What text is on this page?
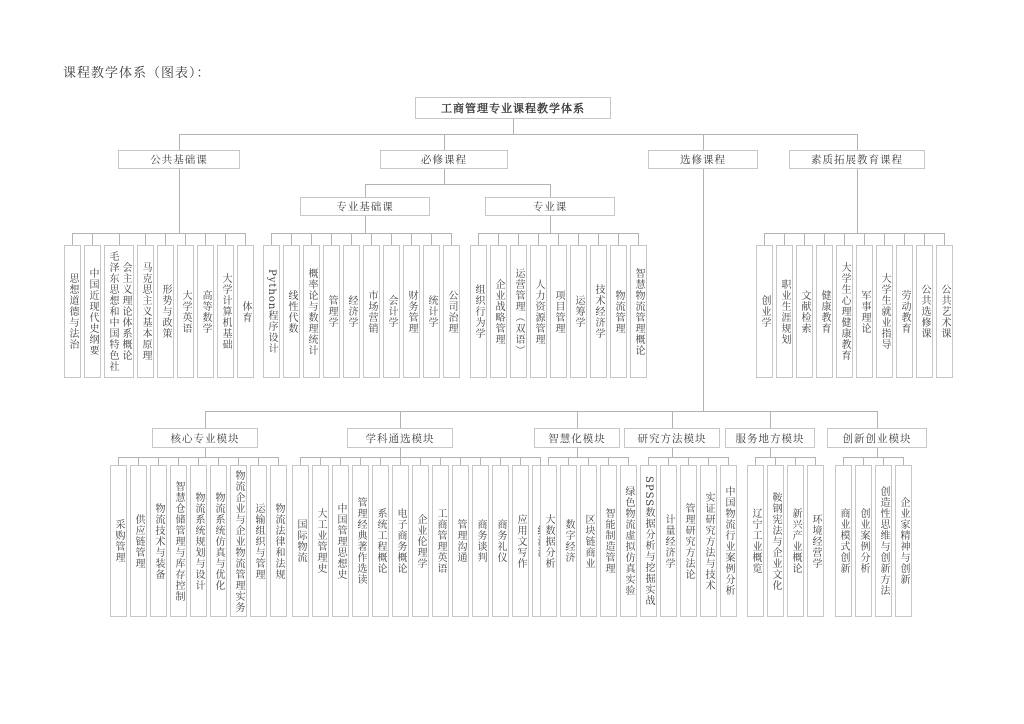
课程教学体系（图表）：
工商管理专业课程教学体系
公共基础课	必修课程	选修课程	素质拓展教育课程
专业基础课	专业课
思想道德与法治 中国近现代史纲要 毛泽东思想和中国特色社会主义理论体系概论 马克思主义基本原理 形势与政策 大学英语 高等数学 大学计算机基础 体育	Python程序设计 线性代数 概率论与数理统计 管理学 经济学 市场营销 会计学 财务管理 统计学 公司治理	组织行为学 企业战略管理 运营管理（双语） 人力资源管理 项目管理 运筹学 技术经济学 物流管理 智慧物流管理概论	创业学 职业生涯规划 文献检索 健康教育 大学生心理健康教育 军事理论 大学生就业指导 劳动教育 公共选修课 公共艺术课
核心专业模块	学科通选模块	智慧化模块	研究方法模块	服务地方模块	创新创业模块
采购管理 供应链管理 物流技术与装备 智慧仓储管理与库存控制 物流系统规划与设计 物流系统仿真与优化 物流企业与企业物流管理实务 运输组织与管理 物流法律和法规	国际物流 大工业管理史 中国管理思想史 管理经典著作选读 系统工程概论 电子商务概论 企业伦理学 工商管理英语 管理沟通 商务谈判 商务礼仪 应用文写作	大数据分析 数字经济 区块链商业 智能制造管理 绿色物流虚拟仿真实验 SPSS数据分析与挖掘实战 计量经济学 管理研究方法论 实证研究方法与技术 中国物流行业案例分析	辽宁工业概览 鞍钢宪法与企业文化 新兴产业概论 环境经营学	商业模式创新 创业案例分析 创造性思维与创新方法 企业家精神与创新
